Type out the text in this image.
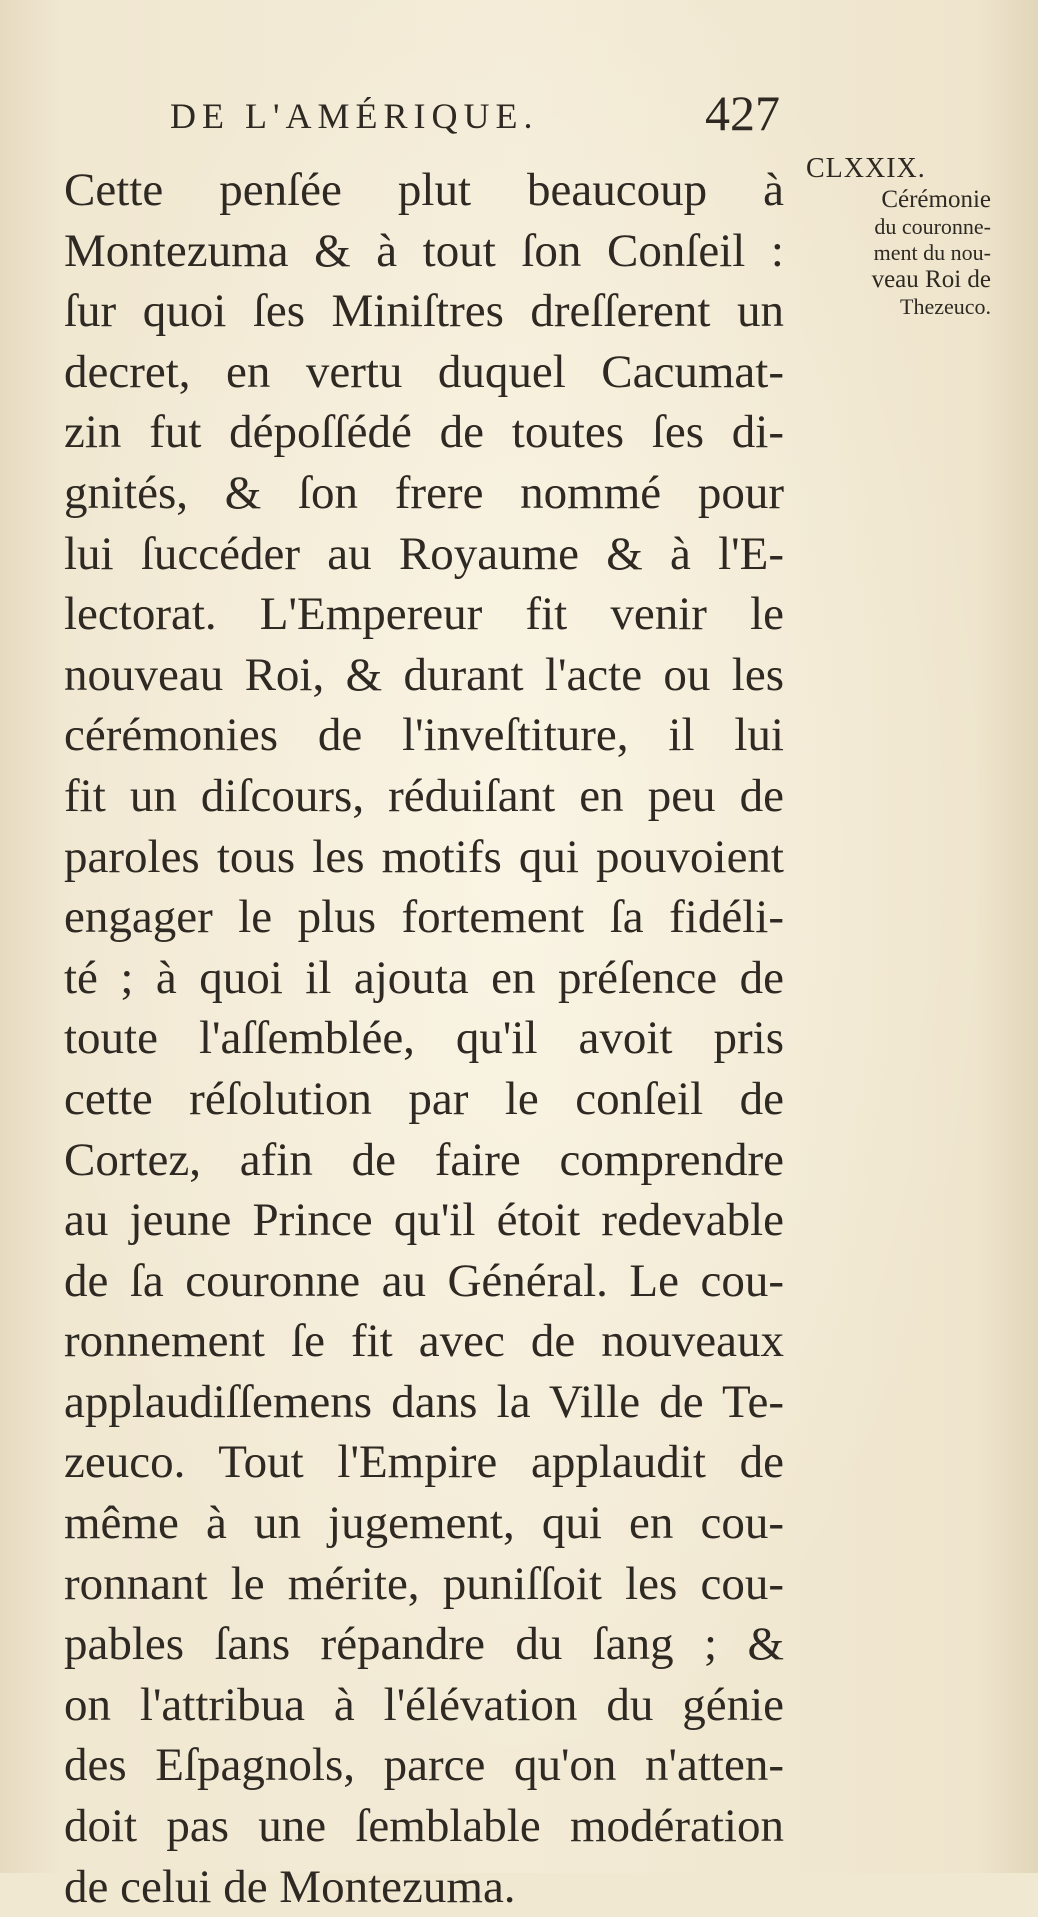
DE L'AMÉRIQUE.	427
CLXXIX.
Cérémonie
du couronne-
ment du nou-
veau Roi de
Thezeuco.
Cette penſée plut beaucoup à
Montezuma & à tout ſon Conſeil :
ſur quoi ſes Miniſtres dreſſerent un
decret, en vertu duquel Cacumat-
zin fut dépoſſédé de toutes ſes di-
gnités, & ſon frere nommé pour
lui ſuccéder au Royaume & à l'E-
lectorat. L'Empereur fit venir le
nouveau Roi, & durant l'acte ou les
cérémonies de l'inveſtiture, il lui
fit un diſcours, réduiſant en peu de
paroles tous les motifs qui pouvoient
engager le plus fortement ſa fidéli-
té ; à quoi il ajouta en préſence de
toute l'aſſemblée, qu'il avoit pris
cette réſolution par le conſeil de
Cortez, afin de faire comprendre
au jeune Prince qu'il étoit redevable
de ſa couronne au Général. Le cou-
ronnement ſe fit avec de nouveaux
applaudiſſemens dans la Ville de Te-
zeuco. Tout l'Empire applaudit de
même à un jugement, qui en cou-
ronnant le mérite, puniſſoit les cou-
pables ſans répandre du ſang ; &
on l'attribua à l'élévation du génie
des Eſpagnols, parce qu'on n'atten-
doit pas une ſemblable modération
de celui de Montezuma.
